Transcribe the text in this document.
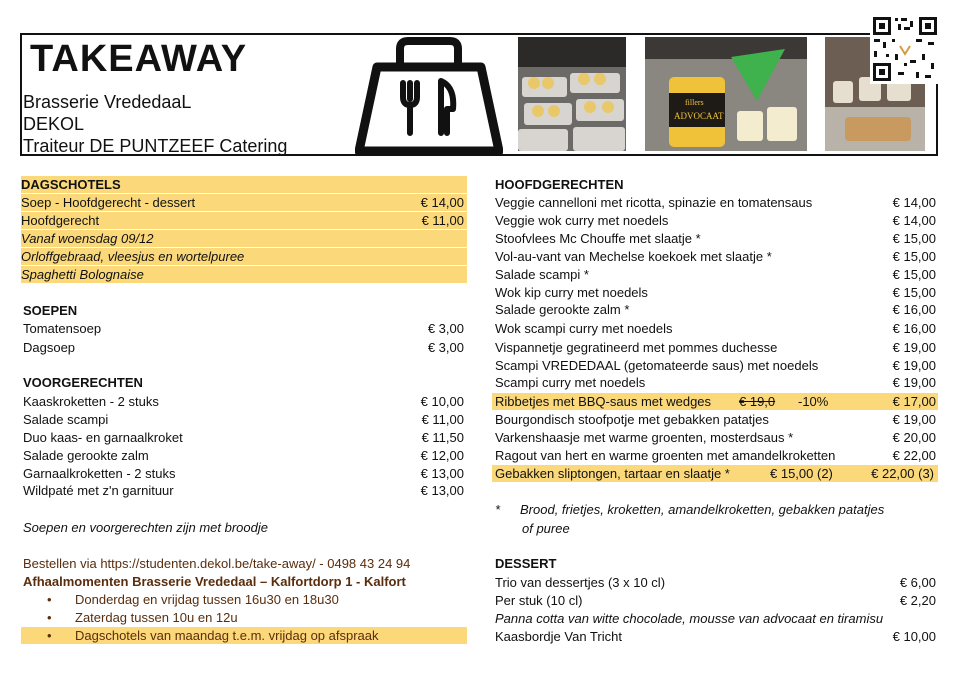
TAKEAWAY
Brasserie VrededaaL
DEKOL
Traiteur DE PUNTZEEF Catering
fillers
ADVOCAAT
DAGSCHOTELS
Soep - Hoofdgerecht - dessert	€ 14,00
Hoofdgerecht	€ 11,00
Vanaf woensdag 09/12
Orloffgebraad, vleesjus en wortelpuree
Spaghetti Bolognaise
SOEPEN
Tomatensoep	€ 3,00
Dagsoep	€ 3,00
VOORGERECHTEN
Kaaskroketten - 2 stuks	€ 10,00
Salade scampi	€ 11,00
Duo kaas- en garnaalkroket	€ 11,50
Salade gerookte zalm	€ 12,00
Garnaalkroketten - 2 stuks	€ 13,00
Wildpaté met z'n garnituur	€ 13,00
Soepen en voorgerechten zijn met broodje
Bestellen via https://studenten.dekol.be/take-away/ - 0498 43 24 94
Afhaalmomenten Brasserie Vrededaal – Kalfortdorp 1 - Kalfort
• Donderdag en vrijdag tussen 16u30 en 18u30
• Zaterdag tussen 10u en 12u
• Dagschotels van maandag t.e.m. vrijdag op afspraak
HOOFDGERECHTEN
Veggie cannelloni met ricotta, spinazie en tomatensaus	€ 14,00
Veggie wok curry met noedels	€ 14,00
Stoofvlees Mc Chouffe met slaatje *	€ 15,00
Vol-au-vant van Mechelse koekoek met slaatje *	€ 15,00
Salade scampi *	€ 15,00
Wok kip curry met noedels	€ 15,00
Salade gerookte zalm *	€ 16,00
Wok scampi curry met noedels	€ 16,00
Vispannetje gegratineerd met pommes duchesse	€ 19,00
Scampi VREDEDAAL (getomateerde saus) met noedels	€ 19,00
Scampi curry met noedels	€ 19,00
Ribbetjes met BBQ-saus met wedges € 19,0 -10%	€ 17,00
Bourgondisch stoofpotje met gebakken patatjes	€ 19,00
Varkenshaasje met warme groenten, mosterdsaus *	€ 20,00
Ragout van hert en warme groenten met amandelkroketten	€ 22,00
Gebakken sliptongen, tartaar en slaatje *	€ 15,00 (2)	€ 22,00 (3)
* Brood, frietjes, kroketten, amandelkroketten, gebakken patatjes
of puree
DESSERT
Trio van dessertjes (3 x 10 cl)	€ 6,00
Per stuk (10 cl)	€ 2,20
Panna cotta van witte chocolade, mousse van advocaat en tiramisu
Kaasbordje Van Tricht	€ 10,00
